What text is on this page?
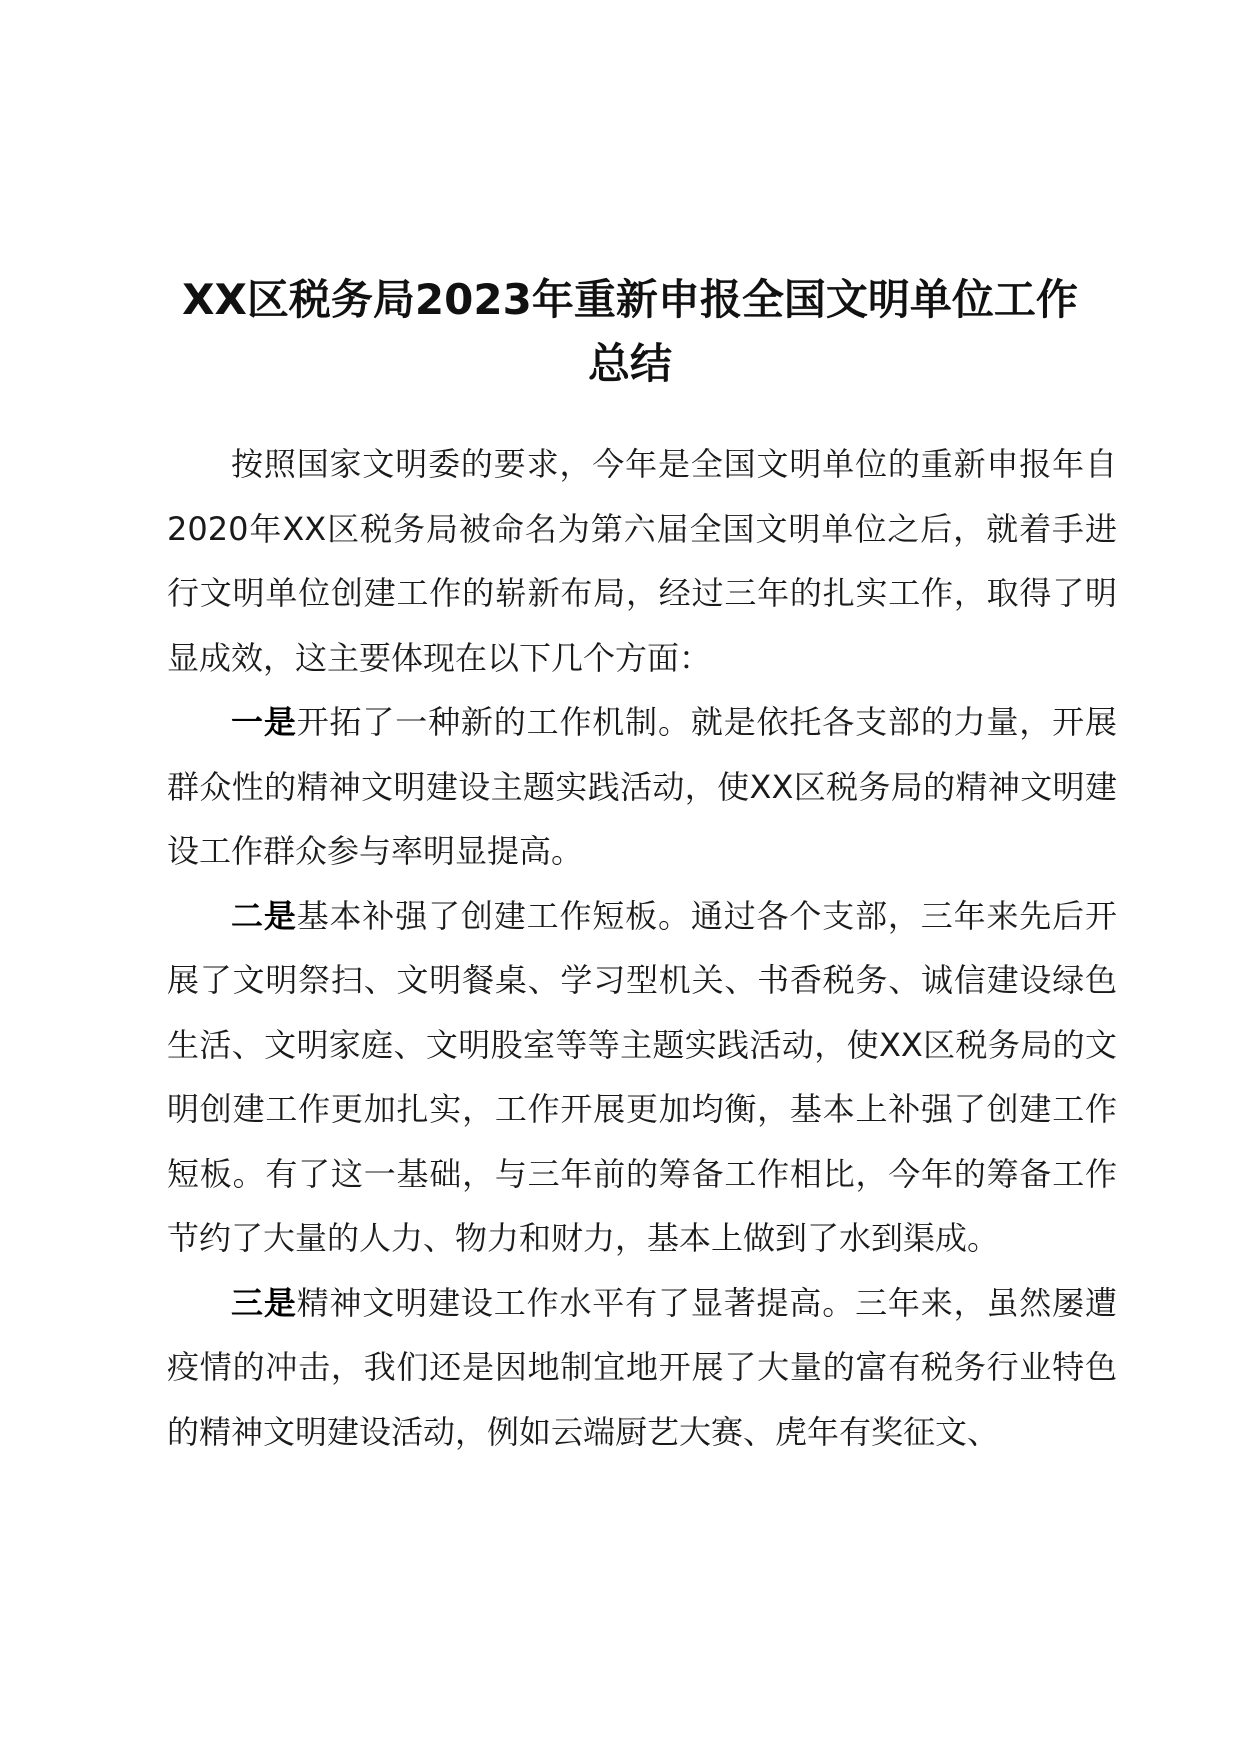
XX区税务局2023年重新申报全国文明单位工作
总结

按照国家文明委的要求，今年是全国文明单位的重新申报年自2020年XX区税务局被命名为第六届全国文明单位之后，就着手进行文明单位创建工作的崭新布局，经过三年的扎实工作，取得了明显成效，这主要体现在以下几个方面：

一是开拓了一种新的工作机制。就是依托各支部的力量，开展群众性的精神文明建设主题实践活动，使XX区税务局的精神文明建设工作群众参与率明显提高。

二是基本补强了创建工作短板。通过各个支部，三年来先后开展了文明祭扫、文明餐桌、学习型机关、书香税务、诚信建设绿色生活、文明家庭、文明股室等等主题实践活动，使XX区税务局的文明创建工作更加扎实，工作开展更加均衡，基本上补强了创建工作短板。有了这一基础，与三年前的筹备工作相比，今年的筹备工作节约了大量的人力、物力和财力，基本上做到了水到渠成。

三是精神文明建设工作水平有了显著提高。三年来，虽然屡遭疫情的冲击，我们还是因地制宜地开展了大量的富有税务行业特色的精神文明建设活动，例如云端厨艺大赛、虎年有奖征文、
